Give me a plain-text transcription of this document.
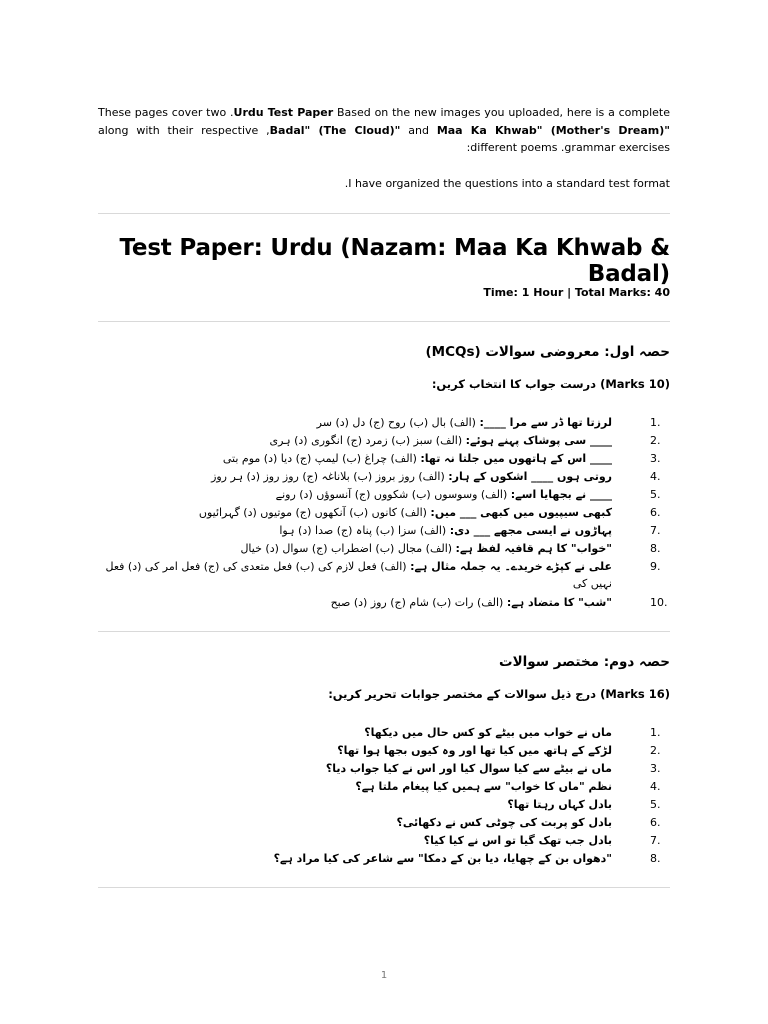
These pages cover two .Urdu Test Paper Based on the new images you uploaded, here is a complete along with their respective ,Badal" (The Cloud)" and Maa Ka Khwab" (Mother's Dream)" :different poems .grammar exercises
.I have organized the questions into a standard test format
Test Paper: Urdu (Nazam: Maa Ka Khwab & Badal)
Time: 1 Hour | Total Marks: 40
حصہ اول: معروضی سوالات (MCQs)
(Marks 10) درست جواب کا انتخاب کریں:
1.
لرزتا تھا ڈر سے مرا ____: (الف) بال (ب) روح (ج) دل (د) سر
2.
____ سی پوشاک پہنے ہوئے: (الف) سبز (ب) زمرد (ج) انگوری (د) ہری
3.
____ اس کے ہاتھوں میں جلتا نہ تھا: (الف) چراغ (ب) لیمپ (ج) دیا (د) موم بتی
4.
روتی ہوں ____ اشکوں کے ہار: (الف) روز بروز (ب) بلاناغہ (ج) روز روز (د) ہر روز
5.
____ نے بجھایا اسے: (الف) وسوسوں (ب) شکووں (ج) آنسوؤں (د) رونے
6.
کبھی سیپیوں میں کبھی ___ میں: (الف) کانوں (ب) آنکھوں (ج) موتیوں (د) گہرائیوں
7.
پہاڑوں نے ایسی مجھے ___ دی: (الف) سزا (ب) پناہ (ج) صدا (د) ہوا
8.
"خواب" کا ہم قافیہ لفظ ہے: (الف) مجال (ب) اضطراب (ج) سوال (د) خیال
9.
علی نے کپڑے خریدے۔ یہ جملہ مثال ہے: (الف) فعل لازم کی (ب) فعل متعدی کی (ج) فعل امر کی (د) فعل نہیں کی
10.
"شب" کا متضاد ہے: (الف) رات (ب) شام (ج) روز (د) صبح
حصہ دوم: مختصر سوالات
(Marks 16) درج ذیل سوالات کے مختصر جوابات تحریر کریں:
1.
ماں نے خواب میں بیٹے کو کس حال میں دیکھا؟
2.
لڑکے کے ہاتھ میں کیا تھا اور وہ کیوں بجھا ہوا تھا؟
3.
ماں نے بیٹے سے کیا سوال کیا اور اس نے کیا جواب دیا؟
4.
نظم "ماں کا خواب" سے ہمیں کیا پیغام ملتا ہے؟
5.
بادل کہاں رہتا تھا؟
6.
بادل کو پربت کی چوٹی کس نے دکھائی؟
7.
بادل جب تھک گیا تو اس نے کیا کیا؟
8.
"دھواں بن کے چھایا، دیا بن کے دمکا" سے شاعر کی کیا مراد ہے؟
1
